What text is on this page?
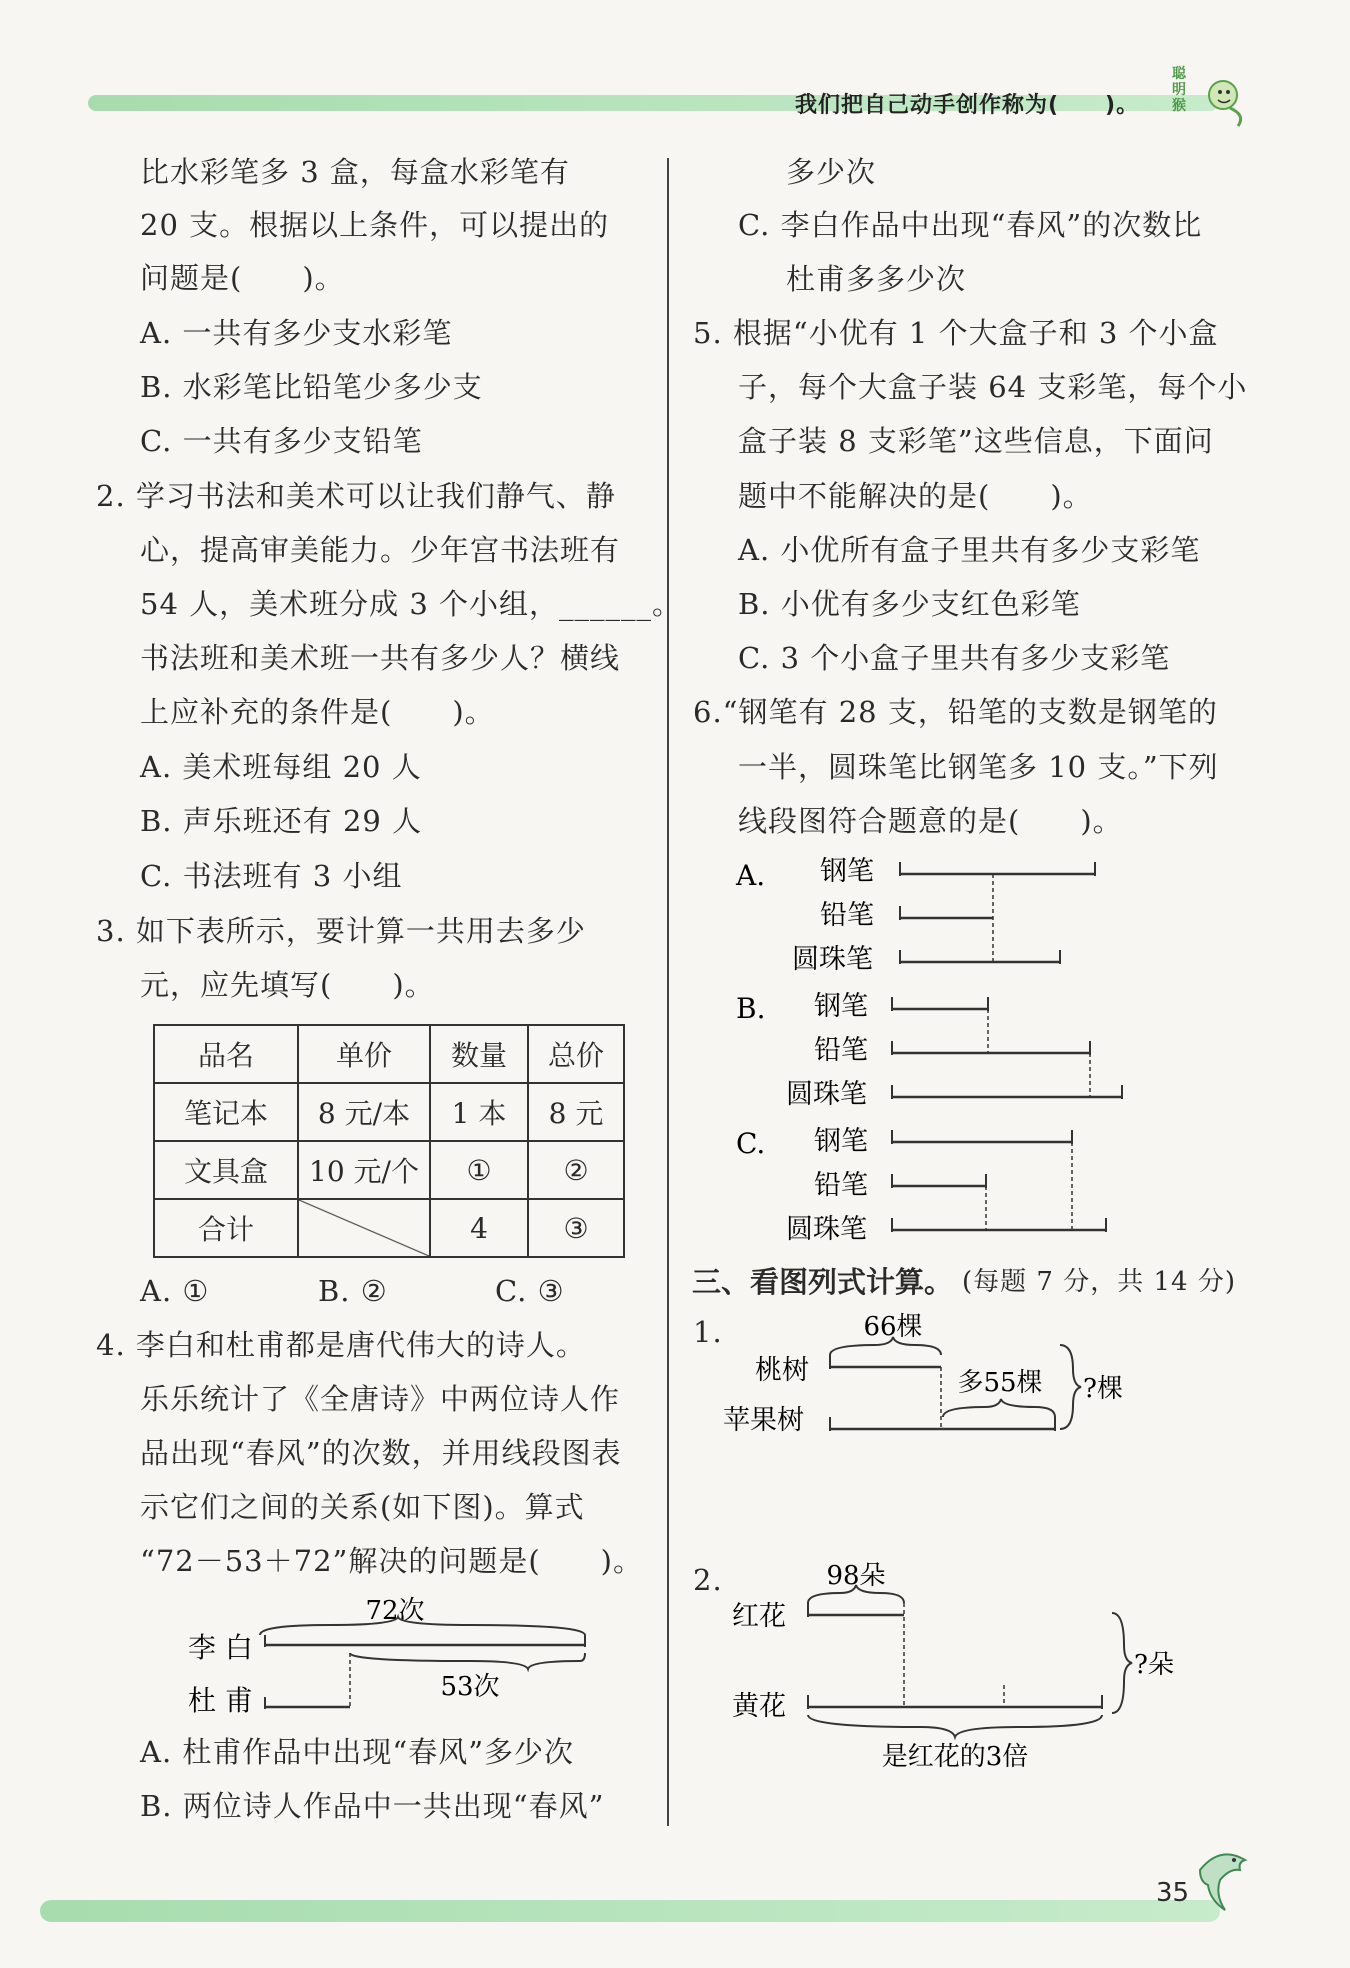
我们把自己动手创作称为(　　)。
聪明猴
比水彩笔多 3 盒，每盒水彩笔有
20 支。根据以上条件，可以提出的
问题是(　　)。
A. 一共有多少支水彩笔
B. 水彩笔比铅笔少多少支
C. 一共有多少支铅笔
2. 学习书法和美术可以让我们静气、静
心，提高审美能力。少年宫书法班有
54 人，美术班分成 3 个小组，______。
书法班和美术班一共有多少人？横线
上应补充的条件是(　　)。
A. 美术班每组 20 人
B. 声乐班还有 29 人
C. 书法班有 3 小组
3. 如下表所示，要计算一共用去多少
元，应先填写(　　)。
品名	单价	数量	总价
笔记本	8 元/本	1 本	8 元
文具盒	10 元/个	①	②
合计		4	③
A. ①	B. ②	C. ③
4. 李白和杜甫都是唐代伟大的诗人。
乐乐统计了《全唐诗》中两位诗人作
品出现“春风”的次数，并用线段图表
示它们之间的关系(如下图)。算式
“72－53＋72”解决的问题是(　　)。
72次
李 白
杜 甫	53次
A. 杜甫作品中出现“春风”多少次
B. 两位诗人作品中一共出现“春风”
多少次
C. 李白作品中出现“春风”的次数比
杜甫多多少次
5. 根据“小优有 1 个大盒子和 3 个小盒
子，每个大盒子装 64 支彩笔，每个小
盒子装 8 支彩笔”这些信息，下面问
题中不能解决的是(　　)。
A. 小优所有盒子里共有多少支彩笔
B. 小优有多少支红色彩笔
C. 3 个小盒子里共有多少支彩笔
6.“钢笔有 28 支，铅笔的支数是钢笔的
一半，圆珠笔比钢笔多 10 支。”下列
线段图符合题意的是(　　)。
A. 钢笔
铅笔
圆珠笔
B. 钢笔
铅笔
圆珠笔
C. 钢笔
铅笔
圆珠笔
三、看图列式计算。 (每题 7 分，共 14 分)
1.	66棵
桃树	多55棵
苹果树
?棵
2.	98朵
红花
黄花
是红花的3倍
?朵
35
